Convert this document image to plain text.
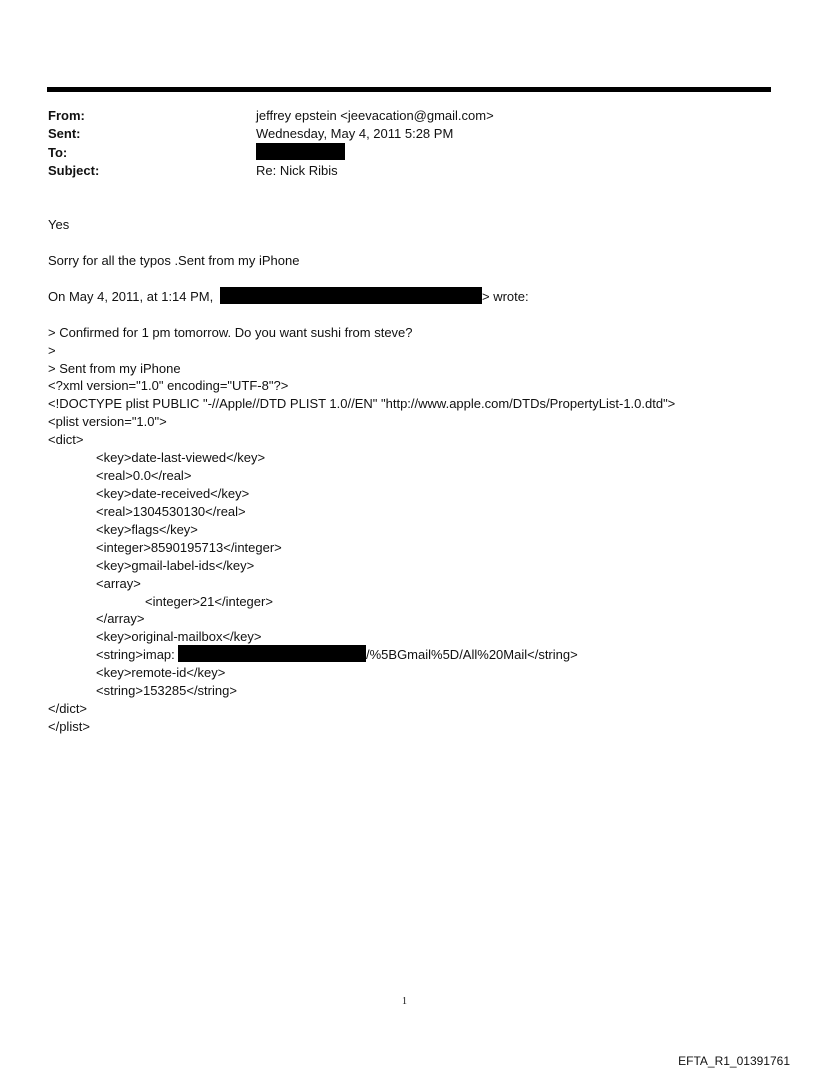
From:	jeffrey epstein <jeevacation@gmail.com>
Sent:	Wednesday, May 4, 2011 5:28 PM
To:
Subject:	Re: Nick Ribis
Yes
Sorry for all the typos .Sent from my iPhone
On May 4, 2011, at 1:14 PM,	> wrote:
> Confirmed for 1 pm tomorrow. Do you want sushi from steve?
>
> Sent from my iPhone
<?xml version="1.0" encoding="UTF-8"?>
<!DOCTYPE plist PUBLIC "-//Apple//DTD PLIST 1.0//EN" "http://www.apple.com/DTDs/PropertyList-1.0.dtd">
<plist version="1.0">
<dict>
<key>date-last-viewed</key>
<real>0.0</real>
<key>date-received</key>
<real>1304530130</real>
<key>flags</key>
<integer>8590195713</integer>
<key>gmail-label-ids</key>
<array>
<integer>21</integer>
</array>
<key>original-mailbox</key>
<string>imap:	/%5BGmail%5D/All%20Mail</string>
<key>remote-id</key>
<string>153285</string>
</dict>
</plist>
1
EFTA_R1_01391761
